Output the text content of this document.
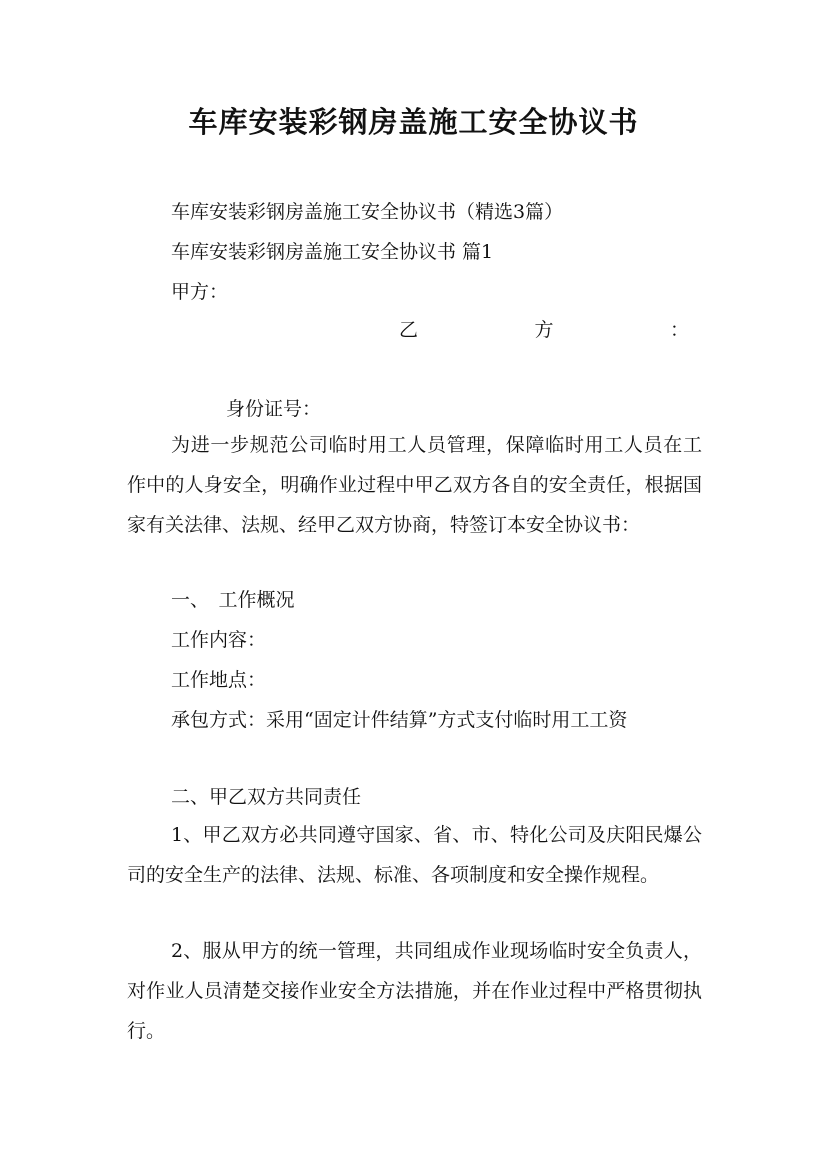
车库安装彩钢房盖施工安全协议书
车库安装彩钢房盖施工安全协议书（精选3篇）
车库安装彩钢房盖施工安全协议书 篇1
甲方：
乙	方	：
身份证号：
为进一步规范公司临时用工人员管理，保障临时用工人员在工作中的人身安全，明确作业过程中甲乙双方各自的安全责任，根据国家有关法律、法规、经甲乙双方协商，特签订本安全协议书：
一、　工作概况
工作内容：
工作地点：
承包方式：采用“固定计件结算”方式支付临时用工工资
二、甲乙双方共同责任
1、甲乙双方必共同遵守国家、省、市、特化公司及庆阳民爆公司的安全生产的法律、法规、标准、各项制度和安全操作规程。
2、服从甲方的统一管理，共同组成作业现场临时安全负责人，对作业人员清楚交接作业安全方法措施，并在作业过程中严格贯彻执行。
